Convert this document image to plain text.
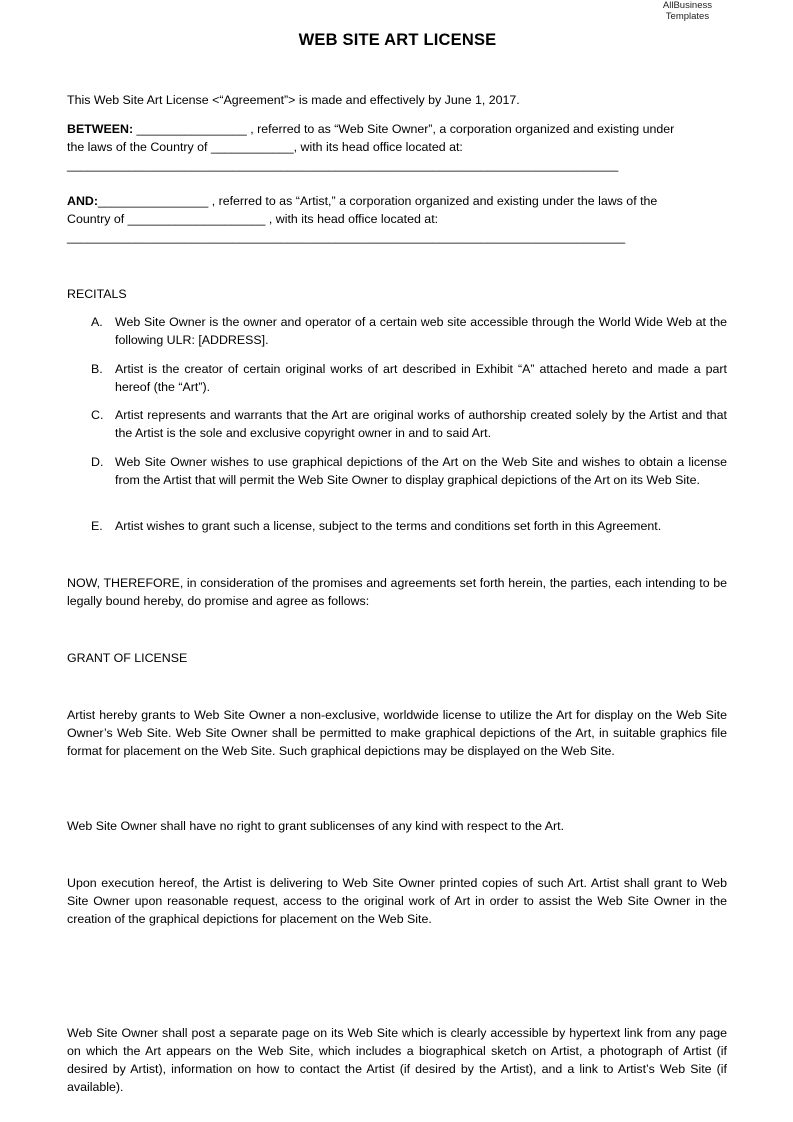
AllBusiness
Templates
WEB SITE ART LICENSE
This Web Site Art License <“Agreement”> is made and effectively by June 1, 2017.
BETWEEN: ________________ , referred to as “Web Site Owner”, a corporation organized and existing under
the laws of the Country of ____________, with its head office located at:
________________________________________________________________________________
AND:________________ , referred to as “Artist,” a corporation organized and existing under the laws of the
Country of ____________________ , with its head office located at:
_________________________________________________________________________________
RECITALS
A. Web Site Owner is the owner and operator of a certain web site accessible through the World Wide Web at the following ULR: [ADDRESS].
B. Artist is the creator of certain original works of art described in Exhibit “A” attached hereto and made a part hereof (the “Art”).
C. Artist represents and warrants that the Art are original works of authorship created solely by the Artist and that the Artist is the sole and exclusive copyright owner in and to said Art.
D. Web Site Owner wishes to use graphical depictions of the Art on the Web Site and wishes to obtain a license from the Artist that will permit the Web Site Owner to display graphical depictions of the Art on its Web Site.
E. Artist wishes to grant such a license, subject to the terms and conditions set forth in this Agreement.
NOW, THEREFORE, in consideration of the promises and agreements set forth herein, the parties, each intending to be legally bound hereby, do promise and agree as follows:
GRANT OF LICENSE
Artist hereby grants to Web Site Owner a non-exclusive, worldwide license to utilize the Art for display on the Web Site Owner’s Web Site. Web Site Owner shall be permitted to make graphical depictions of the Art, in suitable graphics file format for placement on the Web Site. Such graphical depictions may be displayed on the Web Site.
Web Site Owner shall have no right to grant sublicenses of any kind with respect to the Art.
Upon execution hereof, the Artist is delivering to Web Site Owner printed copies of such Art. Artist shall grant to Web Site Owner upon reasonable request, access to the original work of Art in order to assist the Web Site Owner in the creation of the graphical depictions for placement on the Web Site.
Web Site Owner shall post a separate page on its Web Site which is clearly accessible by hypertext link from any page on which the Art appears on the Web Site, which includes a biographical sketch on Artist, a photograph of Artist (if desired by Artist), information on how to contact the Artist (if desired by the Artist), and a link to Artist’s Web Site (if available).
